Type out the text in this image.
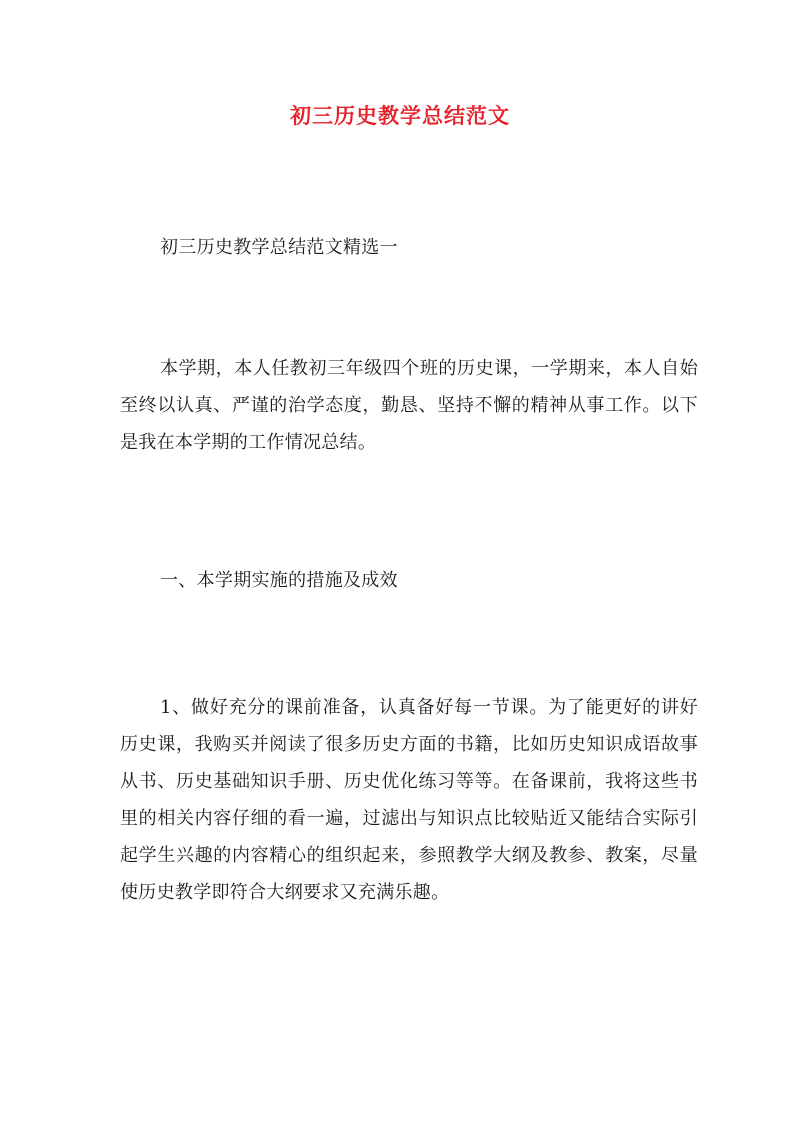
初三历史教学总结范文
初三历史教学总结范文精选一
本学期，本人任教初三年级四个班的历史课，一学期来，本人自始至终以认真、严谨的治学态度，勤恳、坚持不懈的精神从事工作。以下是我在本学期的工作情况总结。
一、本学期实施的措施及成效
1、做好充分的课前准备，认真备好每一节课。为了能更好的讲好历史课，我购买并阅读了很多历史方面的书籍，比如历史知识成语故事从书、历史基础知识手册、历史优化练习等等。在备课前，我将这些书里的相关内容仔细的看一遍，过滤出与知识点比较贴近又能结合实际引起学生兴趣的内容精心的组织起来，参照教学大纲及教参、教案，尽量使历史教学即符合大纲要求又充满乐趣。
